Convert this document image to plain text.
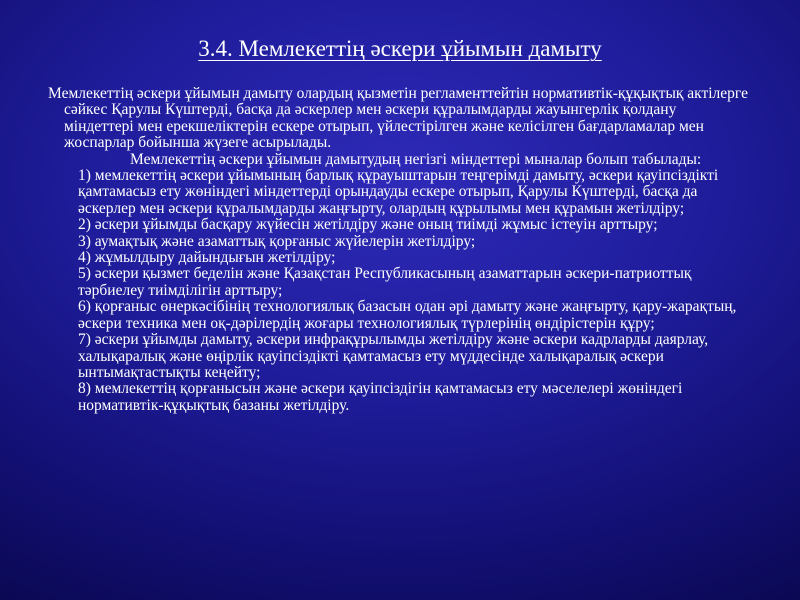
3.4. Мемлекеттің әскери ұйымын дамыту

Мемлекеттің әскери ұйымын дамыту олардың қызметін регламенттейтін нормативтік-құқықтық актілерге сәйкес Қарулы Күштерді, басқа да әскерлер мен әскери құралымдарды жауынгерлік қолдану міндеттері мен ерекшеліктерін ескере отырып, үйлестірілген және келісілген бағдарламалар мен жоспарлар бойынша жүзеге асырылады.

Мемлекеттің әскери ұйымын дамытудың негізгі міндеттері мыналар болып табылады:

1) мемлекеттің әскери ұйымының барлық құрауыштарын теңгерімді дамыту, әскери қауіпсіздікті қамтамасыз ету жөніндегі міндеттерді орындауды ескере отырып, Қарулы Күштерді, басқа да әскерлер мен әскери құралымдарды жаңғырту, олардың құрылымы мен құрамын жетілдіру;

2) әскери ұйымды басқару жүйесін жетілдіру және оның тиімді жұмыс істеуін арттыру;

3) аумақтық және азаматтық қорғаныс жүйелерін жетілдіру;

4) жұмылдыру дайындығын жетілдіру;

5) әскери қызмет беделін және Қазақстан Республикасының азаматтарын әскери-патриоттық тәрбиелеу тиімділігін арттыру;

6) қорғаныс өнеркәсібінің технологиялық базасын одан әрі дамыту және жаңғырту, қару-жарақтың, әскери техника мен оқ-дәрілердің жоғары технологиялық түрлерінің өндірістерін құру;

7) әскери ұйымды дамыту, әскери инфрақұрылымды жетілдіру және әскери кадрларды даярлау, халықаралық және өңірлік қауіпсіздікті қамтамасыз ету мүддесінде халықаралық әскери ынтымақтастықты кеңейту;

8) мемлекеттің қорғанысын және әскери қауіпсіздігін қамтамасыз ету мәселелері жөніндегі нормативтік-құқықтық базаны жетілдіру.
